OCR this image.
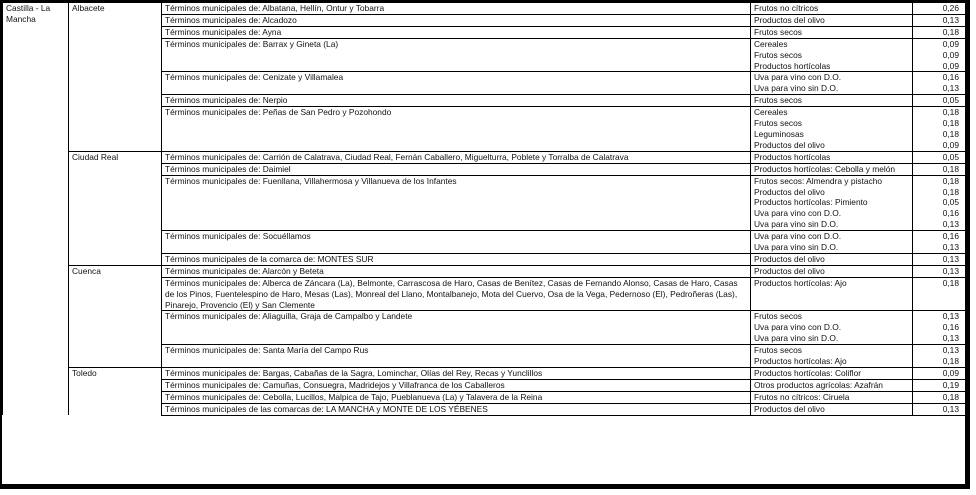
Castilla - La Mancha	Albacete	Términos municipales de: Albatana, Hellín, Ontur y Tobarra	Frutos no cítricos	0,26
		Términos municipales de: Alcadozo	Productos del olivo	0,13
		Términos municipales de: Ayna	Frutos secos	0,18
		Términos municipales de: Barrax y Gineta (La)	Cereales	0,09
			Frutos secos	0,09
			Productos hortícolas	0,09
		Términos municipales de: Cenizate y Villamalea	Uva para vino con D.O.	0,16
			Uva para vino sin D.O.	0,13
		Términos municipales de: Nerpio	Frutos secos	0,05
		Términos municipales de: Peñas de San Pedro y Pozohondo	Cereales	0,18
			Frutos secos	0,18
			Leguminosas	0,18
			Productos del olivo	0,09
	Ciudad Real	Términos municipales de: Carrión de Calatrava, Ciudad Real, Fernán Caballero, Miguelturra, Poblete y Torralba de Calatrava	Productos hortícolas	0,05
		Términos municipales de: Daimiel	Productos hortícolas: Cebolla y melón	0,18
		Términos municipales de: Fuenllana, Villahermosa y Villanueva de los Infantes	Frutos secos: Almendra y pistacho	0,18
			Productos del olivo	0,18
			Productos hortícolas: Pimiento	0,05
			Uva para vino con D.O.	0,16
			Uva para vino sin D.O.	0,13
		Términos municipales de: Socuéllamos	Uva para vino con D.O.	0,16
			Uva para vino sin D.O.	0,13
		Términos municipales de la comarca de: MONTES SUR	Productos del olivo	0,13
	Cuenca	Términos municipales de: Alarcón y Beteta	Productos del olivo	0,13
		Términos municipales de: Alberca de Záncara (La), Belmonte, Carrascosa de Haro, Casas de Benítez, Casas de Fernando Alonso, Casas de Haro, Casas de los Pinos, Fuentelespino de Haro, Mesas (Las), Monreal del Llano, Montalbanejo, Mota del Cuervo, Osa de la Vega, Pedernoso (El), Pedroñeras (Las), Pinarejo, Provencio (El) y San Clemente	Productos hortícolas: Ajo	0,18
		Términos municipales de: Aliaguilla, Graja de Campalbo y Landete	Frutos secos	0,13
			Uva para vino con D.O.	0,16
			Uva para vino sin D.O.	0,13
		Términos municipales de: Santa María del Campo Rus	Frutos secos	0,13
			Productos hortícolas: Ajo	0,18
	Toledo	Términos municipales de: Bargas, Cabañas de la Sagra, Lominchar, Olías del Rey, Recas y Yunclillos	Productos hortícolas: Coliflor	0,09
		Términos municipales de: Camuñas, Consuegra, Madridejos y Villafranca de los Caballeros	Otros productos agrícolas: Azafrán	0,19
		Términos municipales de: Cebolla, Lucillos, Malpica de Tajo, Pueblanueva (La) y Talavera de la Reina	Frutos no cítricos: Ciruela	0,18
		Términos municipales de las comarcas de: LA MANCHA y MONTE DE LOS YÉBENES	Productos del olivo	0,13
